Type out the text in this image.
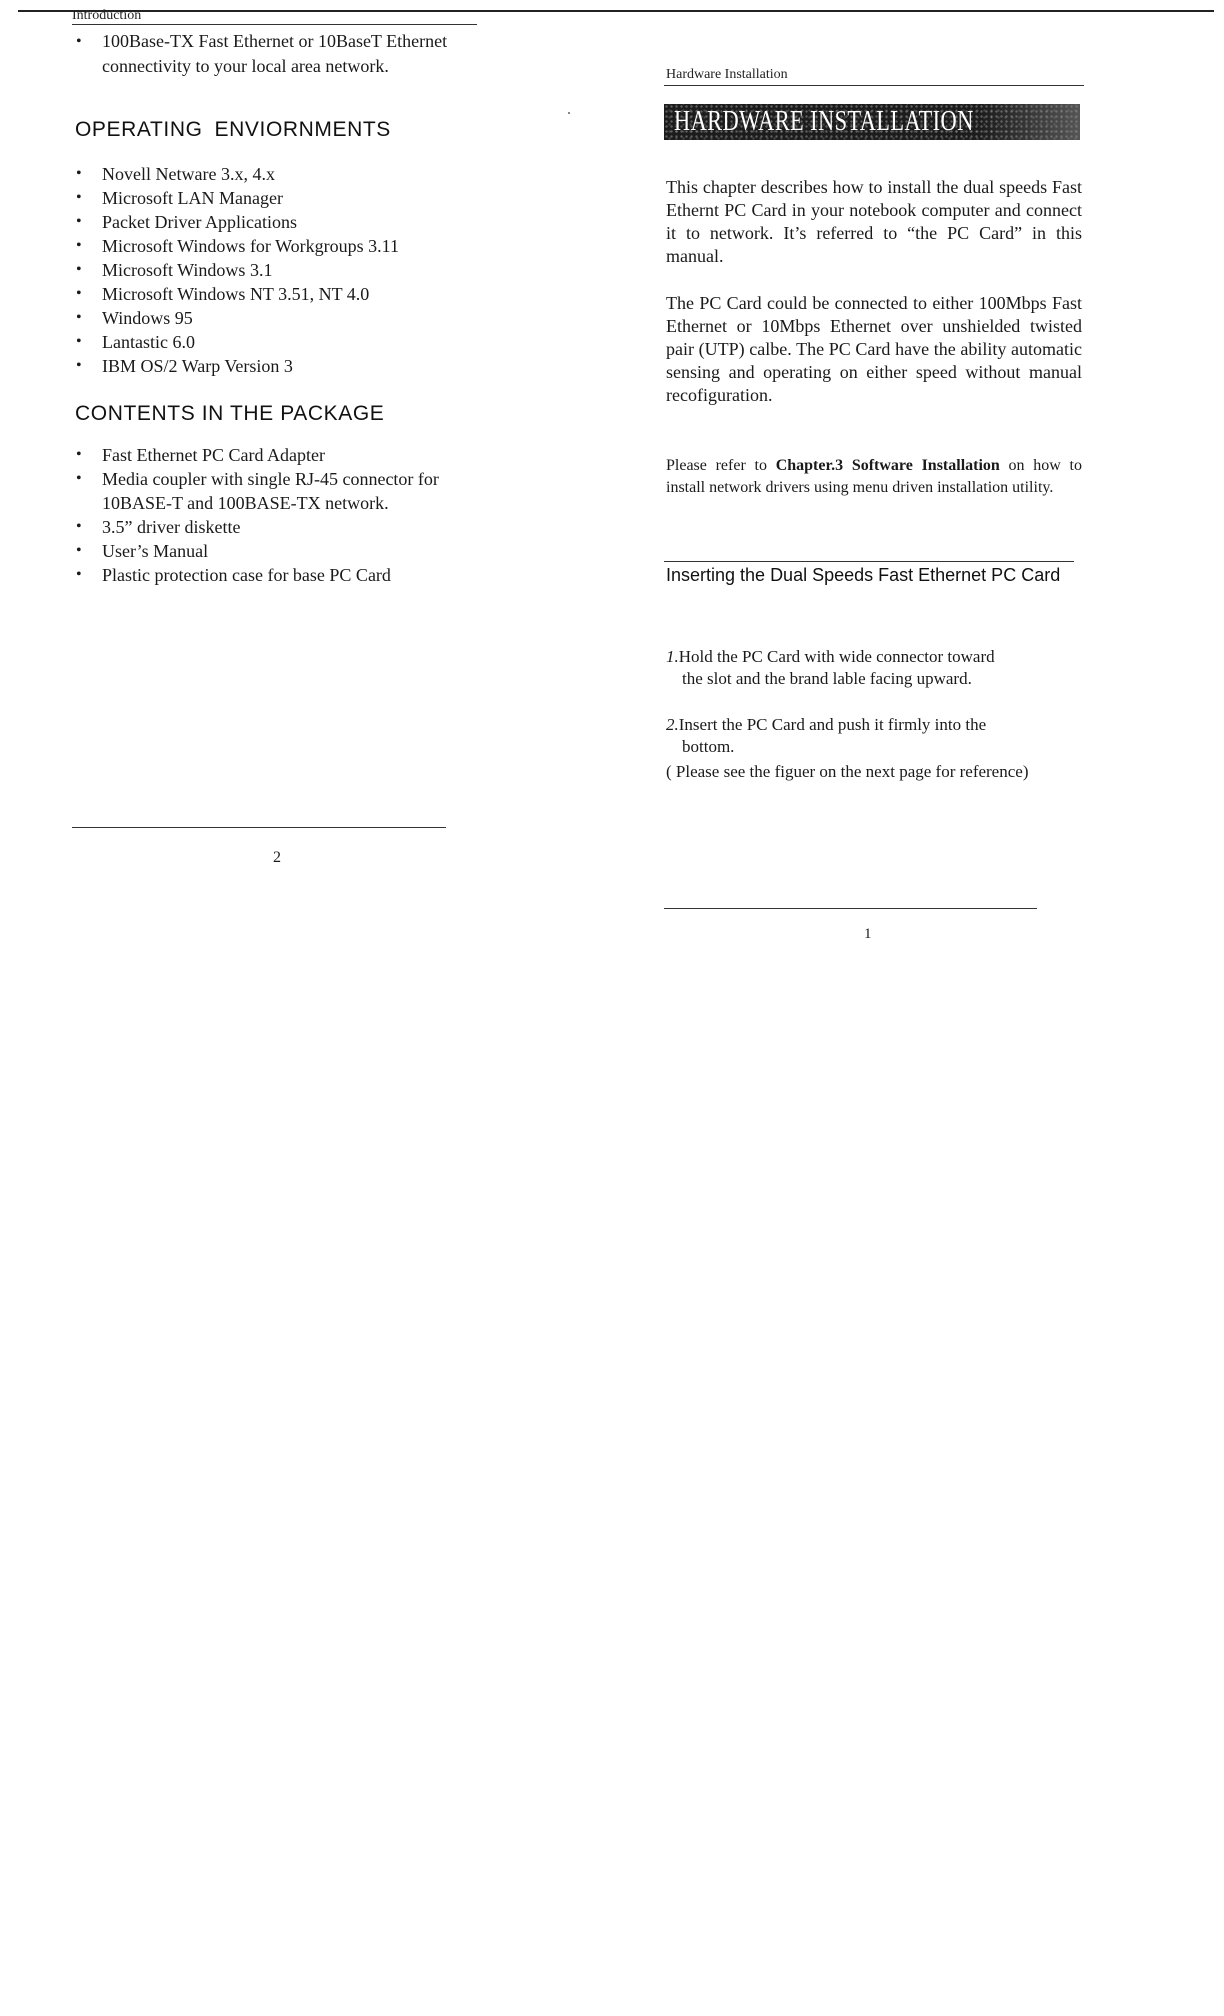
Introduction
• 100Base-TX Fast Ethernet or 10BaseT Ethernet connectivity to your local area network.
OPERATING ENVIORNMENTS
• Novell Netware 3.x, 4.x
• Microsoft LAN Manager
• Packet Driver Applications
• Microsoft Windows for Workgroups 3.11
• Microsoft Windows 3.1
• Microsoft Windows NT 3.51, NT 4.0
• Windows 95
• Lantastic 6.0
• IBM OS/2 Warp Version 3
CONTENTS IN THE PACKAGE
• Fast Ethernet PC Card Adapter
• Media coupler with single RJ-45 connector for 10BASE-T and 100BASE-TX network.
• 3.5” driver diskette
• User’s Manual
• Plastic protection case for base PC Card
2
Hardware Installation
HARDWARE INSTALLATION

This chapter describes how to install the dual speeds Fast Ethernt PC Card in your notebook computer and connect it to network. It’s referred to “the PC Card” in this manual.

The PC Card could be connected to either 100Mbps Fast Ethernet or 10Mbps Ethernet over unshielded twisted pair (UTP) calbe. The PC Card have the ability automatic sensing and operating on either speed without manual recofiguration.

Please refer to Chapter.3 Software Installation on how to install network drivers using menu driven installation utility.

Inserting the Dual Speeds Fast Ethernet PC Card
1.Hold the PC Card with wide connector toward
the slot and the brand lable facing upward.
2.Insert the PC Card and push it firmly into the
bottom.

( Please see the figuer on the next page for reference)

1
